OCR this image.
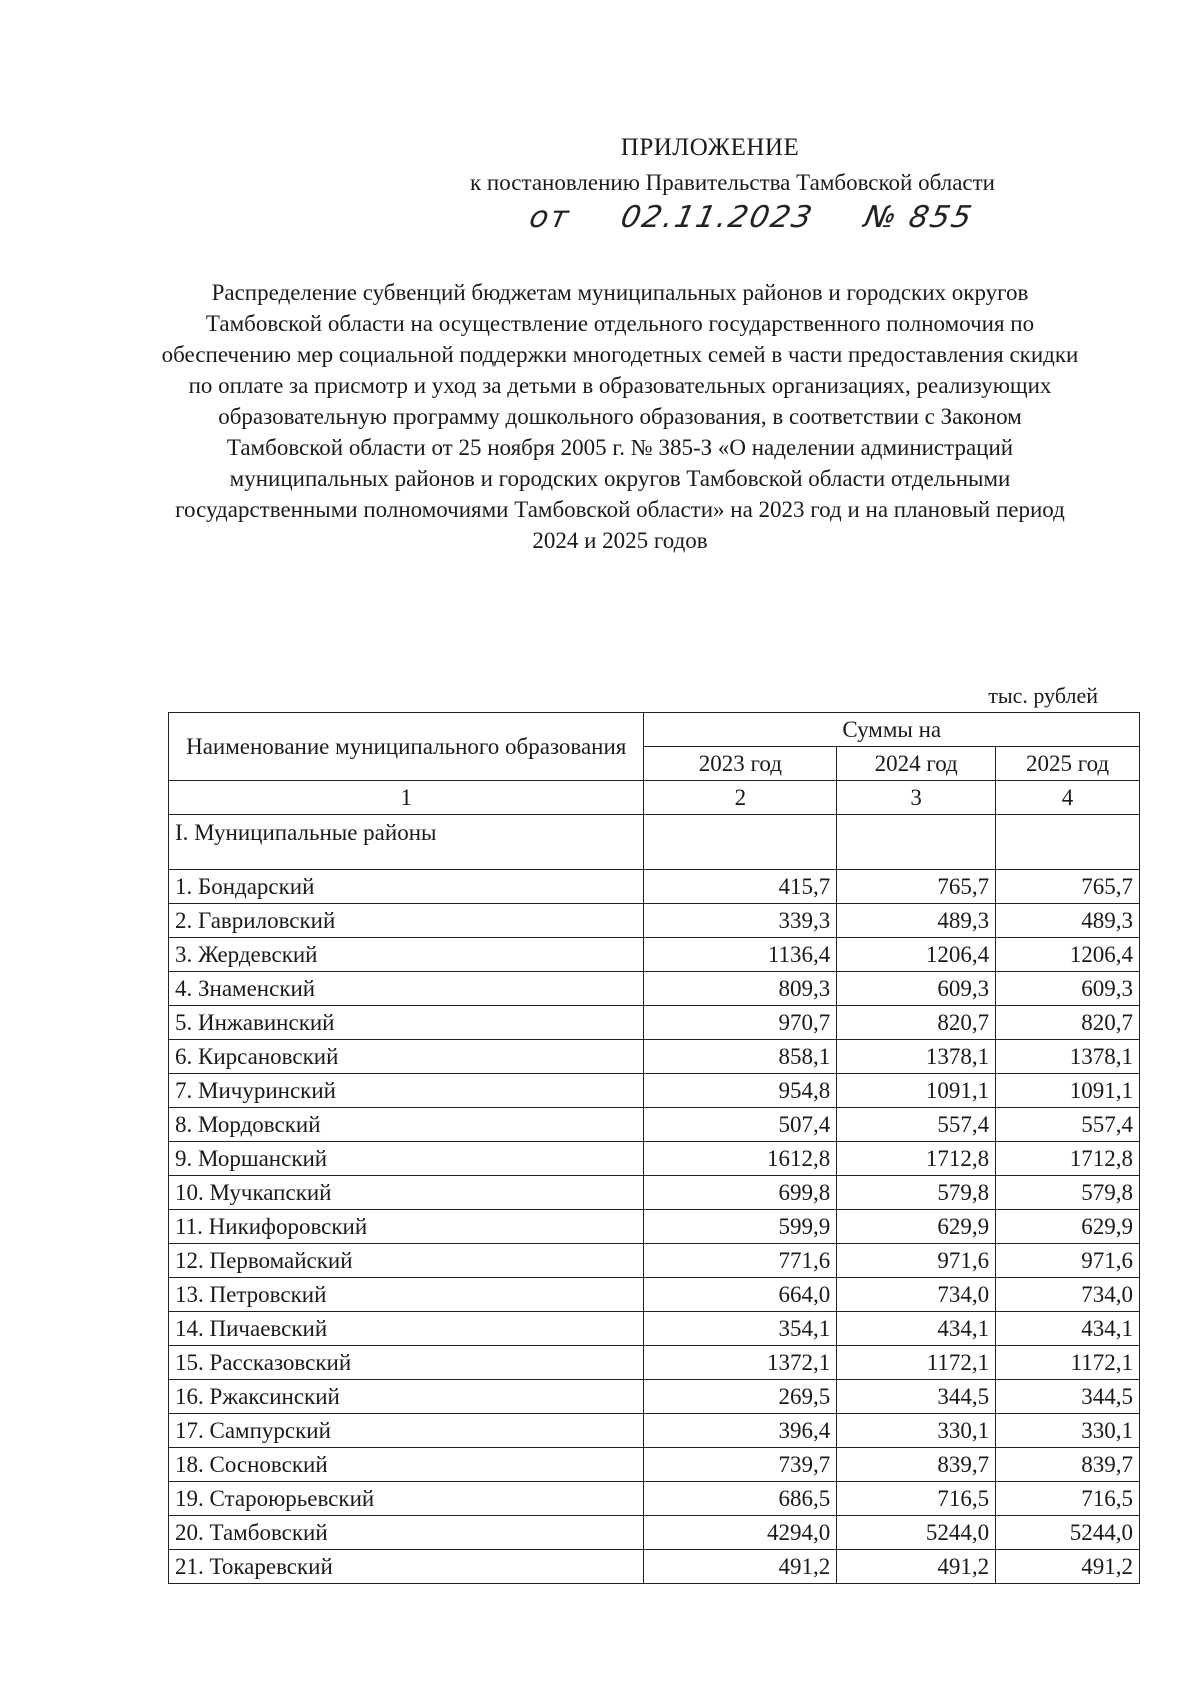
ПРИЛОЖЕНИЕ
к постановлению Правительства Тамбовской области
от 02.11.2023 № 855
Распределение субвенций бюджетам муниципальных районов и городских округов Тамбовской области на осуществление отдельного государственного полномочия по обеспечению мер социальной поддержки многодетных семей в части предоставления скидки по оплате за присмотр и уход за детьми в образовательных организациях, реализующих образовательную программу дошкольного образования, в соответствии с Законом Тамбовской области от 25 ноября 2005 г. № 385-З «О наделении администраций муниципальных районов и городских округов Тамбовской области отдельными государственными полномочиями Тамбовской области» на 2023 год и на плановый период 2024 и 2025 годов
тыс. рублей
Наименование муниципального образования	Суммы на		
	2023 год	2024 год	2025 год
1	2	3	4
I. Муниципальные районы			
1. Бондарский	415,7	765,7	765,7
2. Гавриловский	339,3	489,3	489,3
3. Жердевский	1136,4	1206,4	1206,4
4. Знаменский	809,3	609,3	609,3
5. Инжавинский	970,7	820,7	820,7
6. Кирсановский	858,1	1378,1	1378,1
7. Мичуринский	954,8	1091,1	1091,1
8. Мордовский	507,4	557,4	557,4
9. Моршанский	1612,8	1712,8	1712,8
10. Мучкапский	699,8	579,8	579,8
11. Никифоровский	599,9	629,9	629,9
12. Первомайский	771,6	971,6	971,6
13. Петровский	664,0	734,0	734,0
14. Пичаевский	354,1	434,1	434,1
15. Рассказовский	1372,1	1172,1	1172,1
16. Ржаксинский	269,5	344,5	344,5
17. Сампурский	396,4	330,1	330,1
18. Сосновский	739,7	839,7	839,7
19. Староюрьевский	686,5	716,5	716,5
20. Тамбовский	4294,0	5244,0	5244,0
21. Токаревский	491,2	491,2	491,2
